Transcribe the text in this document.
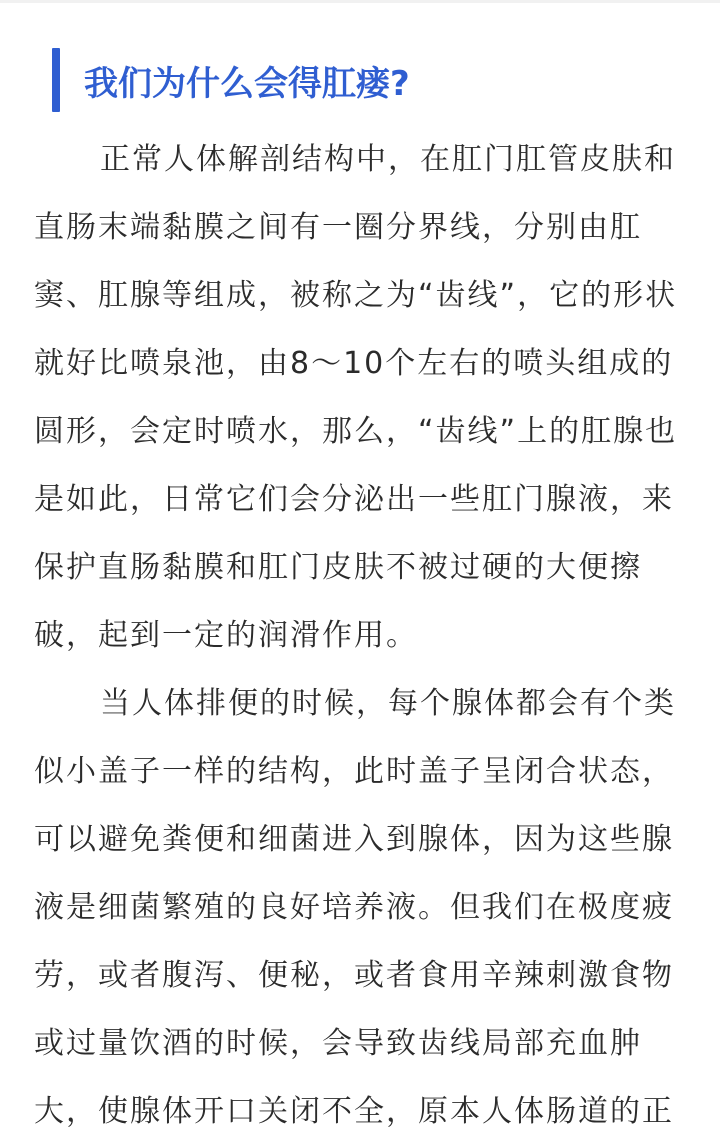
我们为什么会得肛瘘?
正常人体解剖结构中，在肛门肛管皮肤和
直肠末端黏膜之间有一圈分界线，分别由肛
窦、肛腺等组成，被称之为“齿线”，它的形状
就好比喷泉池，由8～10个左右的喷头组成的
圆形，会定时喷水，那么，“齿线”上的肛腺也
是如此，日常它们会分泌出一些肛门腺液，来
保护直肠黏膜和肛门皮肤不被过硬的大便擦
破，起到一定的润滑作用。
当人体排便的时候，每个腺体都会有个类
似小盖子一样的结构，此时盖子呈闭合状态，
可以避免粪便和细菌进入到腺体，因为这些腺
液是细菌繁殖的良好培养液。但我们在极度疲
劳，或者腹泻、便秘，或者食用辛辣刺激食物
或过量饮酒的时候，会导致齿线局部充血肿
大，使腺体开口关闭不全，原本人体肠道的正
